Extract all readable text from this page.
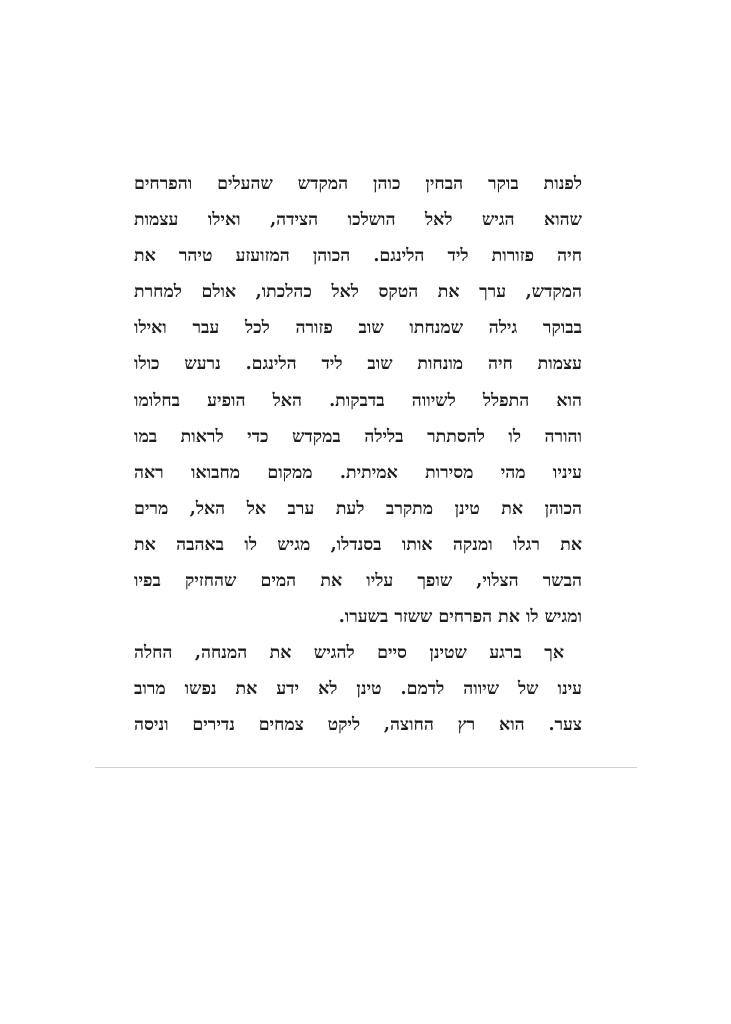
לפנות בוקר הבחין כוהן המקדש שהעלים והפרחים
שהוא הגיש לאל הושלכו הצידה, ואילו עצמות
חיה פזורות ליד הלינגם. הכוהן המזועזע טיהר את
המקדש, ערך את הטקס לאל כהלכתו, אולם למחרת
בבוקר גילה שמנחתו שוב פזורה לכל עבר ואילו
עצמות חיה מונחות שוב ליד הלינגם. נרעש כולו
הוא התפלל לשיווה בדבקות. האל הופיע בחלומו
והורה לו להסתתר בלילה במקדש כדי לראות במו
עיניו מהי מסירות אמיתית. ממקום מחבואו ראה
הכוהן את טינן מתקרב לעת ערב אל האל, מרים
את רגלו ומנקה אותו בסנדלו, מגיש לו באהבה את
הבשר הצלוי, שופך עליו את המים שהחזיק בפיו
ומגיש לו את הפרחים ששזר בשערו.
אך ברגע שטינן סיים להגיש את המנחה, החלה
עינו של שיווה לדמם. טינן לא ידע את נפשו מרוב
צער. הוא רץ החוצה, ליקט צמחים נדירים וניסה
